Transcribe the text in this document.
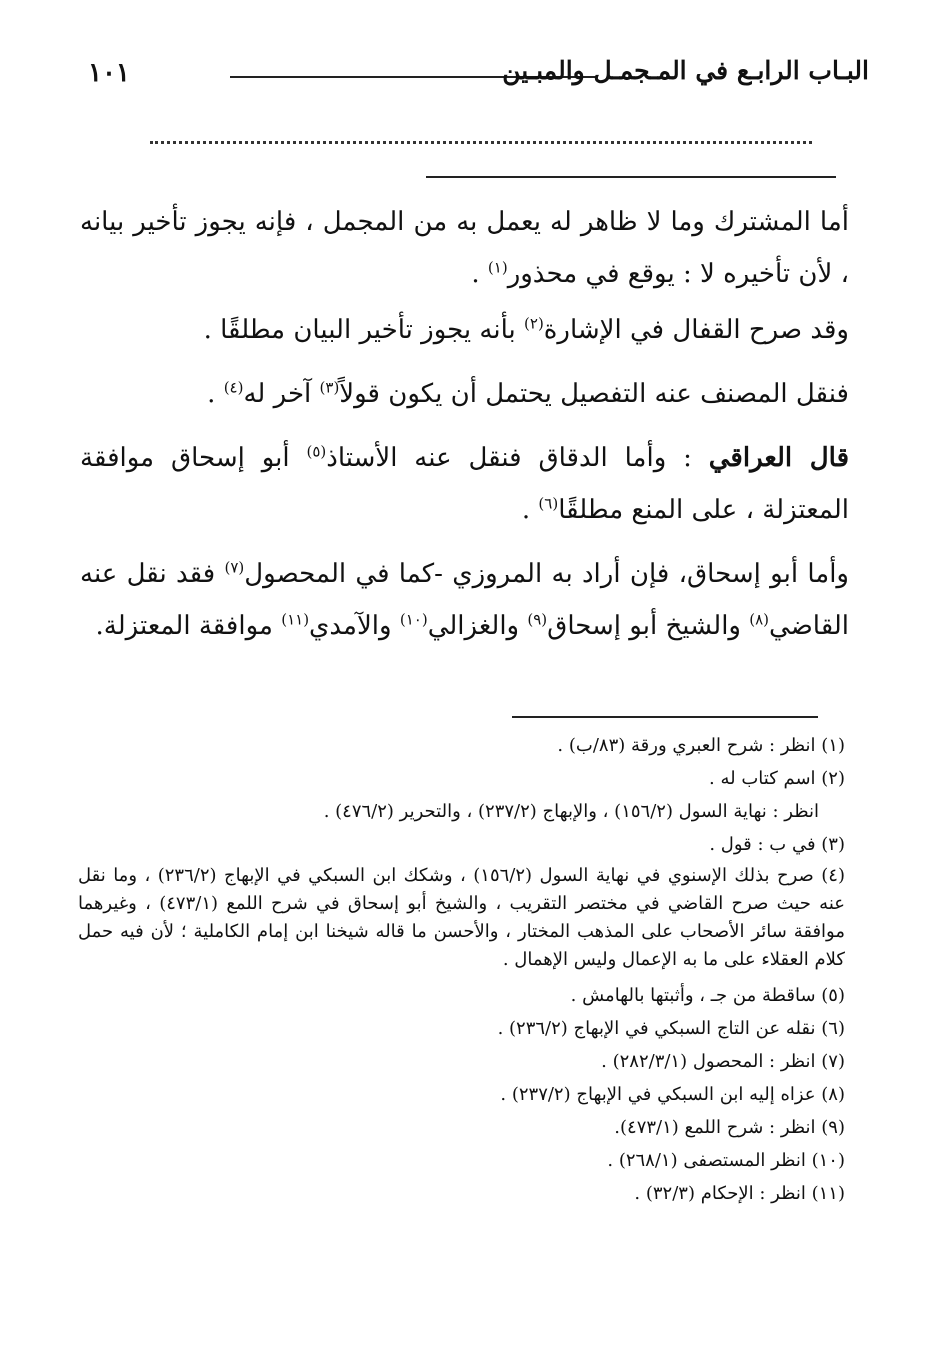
١٠١	البـاب الرابـع في المـجمـل والمبـين

أما المشترك وما لا ظاهر له يعمل به من المجمل ، فإنه يجوز تأخير بيانه ، لأن تأخيره لا : يوقع في محذور$^{(١)}$ .

وقد صرح القفال في الإشارة$^{(٢)}$ بأنه يجوز تأخير البيان مطلقًا .

فنقل المصنف عنه التفصيل يحتمل أن يكون قولاً$^{(٣)}$ آخر له$^{(٤)}$ .

قال العراقي : وأما الدقاق فنقل عنه الأستاذ$^{(٥)}$ أبو إسحاق موافقة المعتزلة ، على المنع مطلقًا$^{(٦)}$ .

وأما أبو إسحاق، فإن أراد به المروزي -كما في المحصول$^{(٧)}$ فقد نقل عنه القاضي$^{(٨)}$ والشيخ أبو إسحاق$^{(٩)}$ والغزالي$^{(١٠)}$ والآمدي$^{(١١)}$ موافقة المعتزلة.

(١) انظر : شرح العبري ورقة (٨٣/ب) .

(٢) اسم كتاب له .

انظر : نهاية السول (١٥٦/٢) ، والإبهاج (٢٣٧/٢) ، والتحرير (٤٧٦/٢) .

(٣) في ب : قول .

(٤) صرح بذلك الإسنوي في نهاية السول (١٥٦/٢) ، وشكك ابن السبكي في الإبهاج (٢٣٦/٢) ، وما نقل عنه حيث صرح القاضي في مختصر التقريب ، والشيخ أبو إسحاق في شرح اللمع (٤٧٣/١) ، وغيرهما موافقة سائر الأصحاب على المذهب المختار ، والأحسن ما قاله شيخنا ابن إمام الكاملية ؛ لأن فيه حمل كلام العقلاء على ما به الإعمال وليس الإهمال .

(٥) ساقطة من جـ ، وأثبتها بالهامش .

(٦) نقله عن التاج السبكي في الإبهاج (٢٣٦/٢) .

(٧) انظر : المحصول (٢٨٢/٣/١) .

(٨) عزاه إليه ابن السبكي في الإبهاج (٢٣٧/٢) .

(٩) انظر : شرح اللمع (٤٧٣/١).

(١٠) انظر المستصفى (٢٦٨/١) .

(١١) انظر : الإحكام (٣٢/٣) .
